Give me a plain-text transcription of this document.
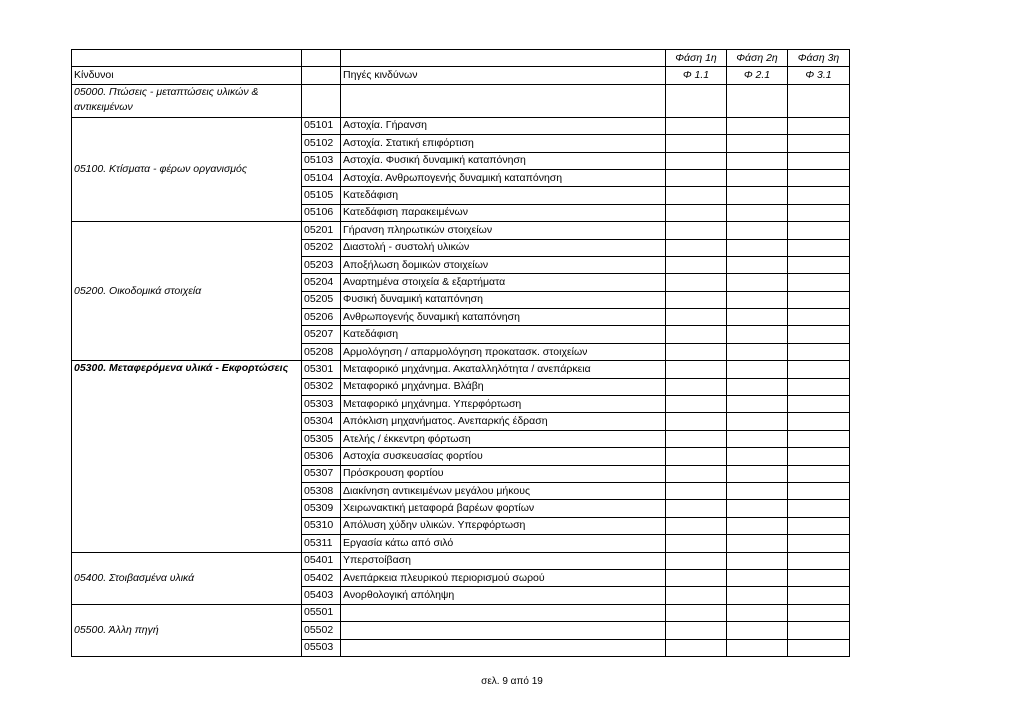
			Φάση 1η	Φάση 2η	Φάση 3η
Κίνδυνοι		Πηγές κινδύνων	Φ 1.1	Φ 2.1	Φ 3.1
05000. Πτώσεις - μεταπτώσεις υλικών & αντικειμένων					
05100. Κτίσματα - φέρων οργανισμός	05101	Αστοχία. Γήρανση			
	05102	Αστοχία. Στατική επιφόρτιση			
	05103	Αστοχία. Φυσική δυναμική καταπόνηση			
	05104	Αστοχία. Ανθρωπογενής δυναμική καταπόνηση			
	05105	Κατεδάφιση			
	05106	Κατεδάφιση παρακειμένων			
05200. Οικοδομικά στοιχεία	05201	Γήρανση πληρωτικών στοιχείων			
	05202	Διαστολή - συστολή υλικών			
	05203	Αποξήλωση δομικών στοιχείων			
	05204	Αναρτημένα στοιχεία & εξαρτήματα			
	05205	Φυσική δυναμική καταπόνηση			
	05206	Ανθρωπογενής δυναμική καταπόνηση			
	05207	Κατεδάφιση			
	05208	Αρμολόγηση / απαρμολόγηση προκατασκ. στοιχείων			
05300. Μεταφερόμενα υλικά - Εκφορτώσεις	05301	Μεταφορικό μηχάνημα. Ακαταλληλότητα / ανεπάρκεια			
	05302	Μεταφορικό μηχάνημα. Βλάβη			
	05303	Μεταφορικό μηχάνημα. Υπερφόρτωση			
	05304	Απόκλιση μηχανήματος. Ανεπαρκής έδραση			
	05305	Ατελής / έκκεντρη φόρτωση			
	05306	Αστοχία συσκευασίας φορτίου			
	05307	Πρόσκρουση φορτίου			
	05308	Διακίνηση αντικειμένων μεγάλου μήκους			
	05309	Χειρωνακτική μεταφορά βαρέων φορτίων			
	05310	Απόλυση χύδην υλικών. Υπερφόρτωση			
	05311	Εργασία κάτω από σιλό			
05400. Στοιβασμένα υλικά	05401	Υπερστοίβαση			
	05402	Ανεπάρκεια πλευρικού περιορισμού σωρού			
	05403	Ανορθολογική απόληψη			
05500. Άλλη πηγή	05501				
	05502				
	05503				
σελ. 9 από 19
